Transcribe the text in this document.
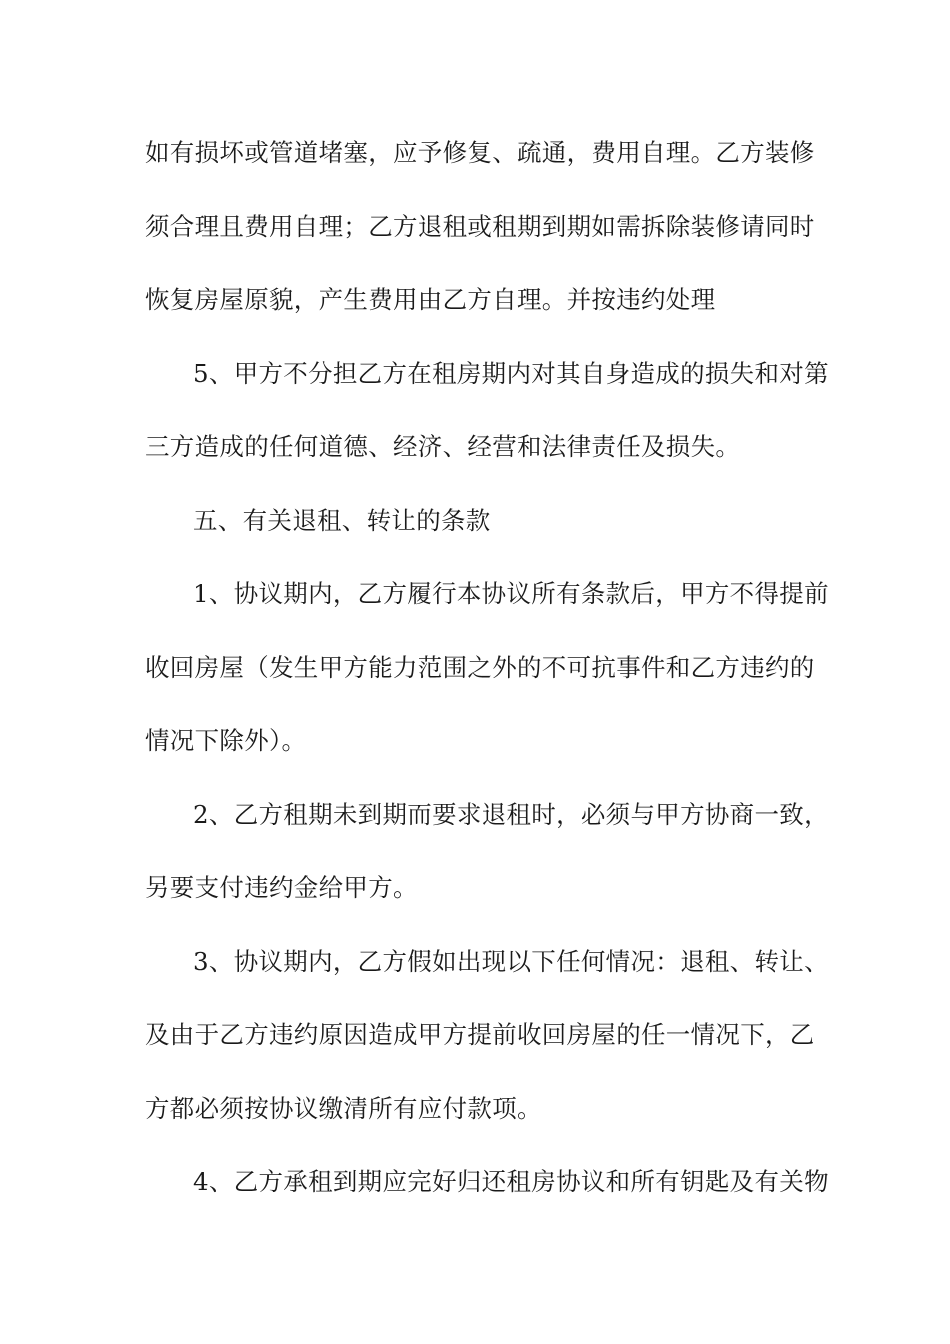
如有损坏或管道堵塞，应予修复、疏通，费用自理。乙方装修
须合理且费用自理；乙方退租或租期到期如需拆除装修请同时
恢复房屋原貌，产生费用由乙方自理。并按违约处理
5、甲方不分担乙方在租房期内对其自身造成的损失和对第
三方造成的任何道德、经济、经营和法律责任及损失。
五、有关退租、转让的条款
1、协议期内，乙方履行本协议所有条款后，甲方不得提前
收回房屋（发生甲方能力范围之外的不可抗事件和乙方违约的
情况下除外）。
2、乙方租期未到期而要求退租时，必须与甲方协商一致，
另要支付违约金给甲方。
3、协议期内，乙方假如出现以下任何情况：退租、转让、
及由于乙方违约原因造成甲方提前收回房屋的任一情况下，乙
方都必须按协议缴清所有应付款项。
4、乙方承租到期应完好归还租房协议和所有钥匙及有关物
